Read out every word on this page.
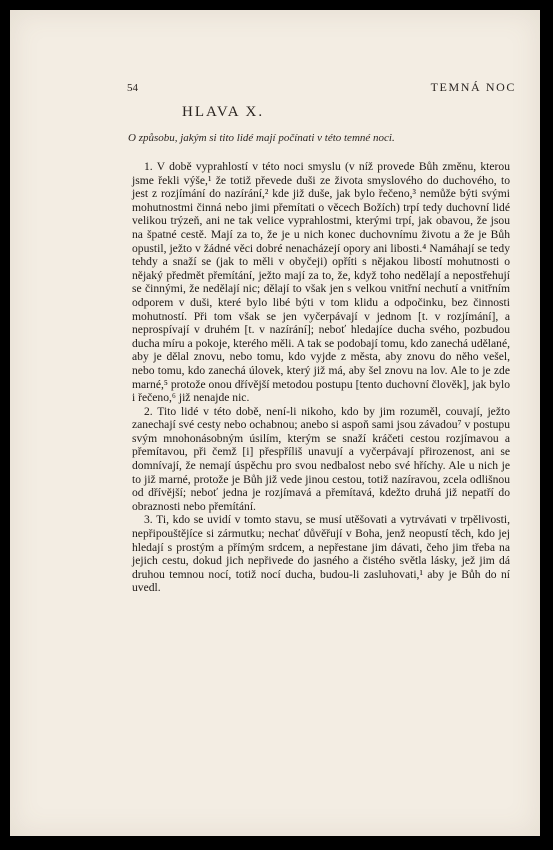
54	TEMNÁ NOC
HLAVA X.
O způsobu, jakým si tito lidé mají počínati v této temné noci.

1. V době vyprahlostí v této noci smyslu (v níž provede Bůh změnu, kterou jsme řekli výše,¹ že totiž převede duši ze života smyslového do duchového, to jest z rozjímání do nazírání,² kde již duše, jak bylo řečeno,³ nemůže býti svými mohutnostmi činná nebo jimi přemítati o věcech Božích) trpí tedy duchovní lidé velikou trýzeň, ani ne tak velice vyprahlostmi, kterými trpí, jak obavou, že jsou na špatné cestě. Mají za to, že je u nich konec duchovnímu životu a že je Bůh opustil, ježto v žádné věci dobré nenacházejí opory ani libosti.⁴ Namáhají se tedy tehdy a snaží se (jak to měli v obyčeji) opříti s nějakou libostí mohutnosti o nějaký předmět přemítání, ježto mají za to, že, když toho nedělají a nepostřehují se činnými, že nedělají nic; dělají to však jen s velkou vnitřní nechutí a vnitřním odporem v duši, které bylo libé býti v tom klidu a odpočinku, bez činnosti mohutností. Při tom však se jen vyčerpávají v jednom [t. v rozjímání], a neprospívají v druhém [t. v nazírání]; neboť hledajíce ducha svého, pozbudou ducha míru a pokoje, kterého měli. A tak se podobají tomu, kdo zanechá udělané, aby je dělal znovu, nebo tomu, kdo vyjde z města, aby znovu do něho vešel, nebo tomu, kdo zanechá úlovek, který již má, aby šel znovu na lov. Ale to je zde marné,⁵ protože onou dřívější metodou postupu [tento duchovní člověk], jak bylo i řečeno,⁶ již nenajde nic.

2. Tito lidé v této době, není-li nikoho, kdo by jim rozuměl, couvají, ježto zanechají své cesty nebo ochabnou; anebo si aspoň sami jsou závadou⁷ v postupu svým mnohonásobným úsilím, kterým se snaží kráčeti cestou rozjímavou a přemítavou, při čemž [i] přespříliš unavují a vyčerpávají přirozenost, ani se domnívají, že nemají úspěchu pro svou nedbalost nebo své hříchy. Ale u nich je to již marné, protože je Bůh již vede jinou cestou, totiž nazíravou, zcela odlišnou od dřívější; neboť jedna je rozjímavá a přemítavá, kdežto druhá již nepatří do obraznosti nebo přemítání.

3. Ti, kdo se uvidí v tomto stavu, se musí utěšovati a vytrvávati v trpělivosti, nepřipouštějíce si zármutku; nechať důvěřují v Boha, jenž neopustí těch, kdo jej hledají s prostým a přímým srdcem, a nepřestane jim dávati, čeho jim třeba na jejich cestu, dokud jich nepřivede do jasného a čistého světla lásky, jež jim dá druhou temnou nocí, totiž nocí ducha, budou-li zasluhovati,¹ aby je Bůh do ní uvedl.
